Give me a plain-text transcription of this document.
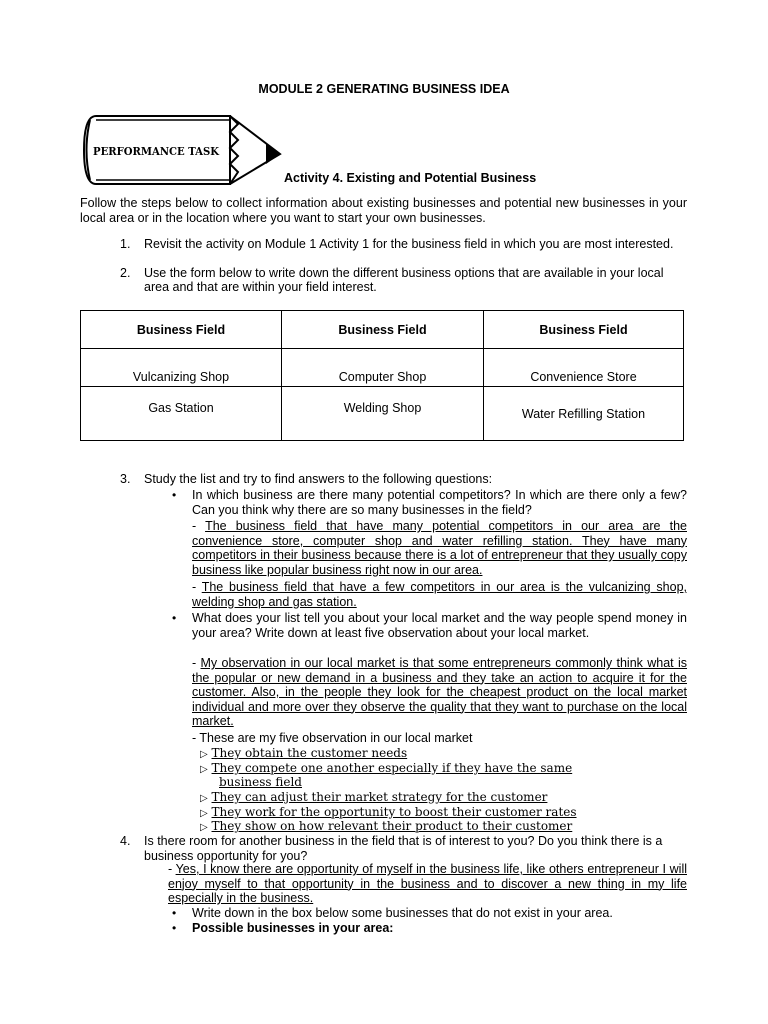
MODULE 2 GENERATING BUSINESS IDEA
PERFORMANCE TASK
Activity 4. Existing and Potential Business
Follow the steps below to collect information about existing businesses and potential new businesses in your local area or in the location where you want to start your own businesses.
1. Revisit the activity on Module 1 Activity 1 for the business field in which you are most interested.
2. Use the form below to write down the different business options that are available in your local area and that are within your field interest.
Business Field	Business Field	Business Field
Vulcanizing Shop	Computer Shop	Convenience Store
Gas Station	Welding Shop	Water Refilling Station
3. Study the list and try to find answers to the following questions:
• In which business are there many potential competitors? In which are there only a few? Can you think why there are so many businesses in the field?
- The business field that have many potential competitors in our area are the convenience store, computer shop and water refilling station. They have many competitors in their business because there is a lot of entrepreneur that they usually copy business like popular business right now in our area.
- The business field that have a few competitors in our area is the vulcanizing shop, welding shop and gas station.
• What does your list tell you about your local market and the way people spend money in your area? Write down at least five observation about your local market.
- My observation in our local market is that some entrepreneurs commonly think what is the popular or new demand in a business and they take an action to acquire it for the customer. Also, in the people they look for the cheapest product on the local market individual and more over they observe the quality that they want to purchase on the local market.
- These are my five observation in our local market
▷ They obtain the customer needs
▷ They compete one another especially if they have the same
business field
▷ They can adjust their market strategy for the customer
▷ They work for the opportunity to boost their customer rates
▷ They show on how relevant their product to their customer
4. Is there room for another business in the field that is of interest to you? Do you think there is a business opportunity for you?
- Yes, I know there are opportunity of myself in the business life, like others entrepreneur I will enjoy myself to that opportunity in the business and to discover a new thing in my life especially in the business.
• Write down in the box below some businesses that do not exist in your area.
• Possible businesses in your area:
